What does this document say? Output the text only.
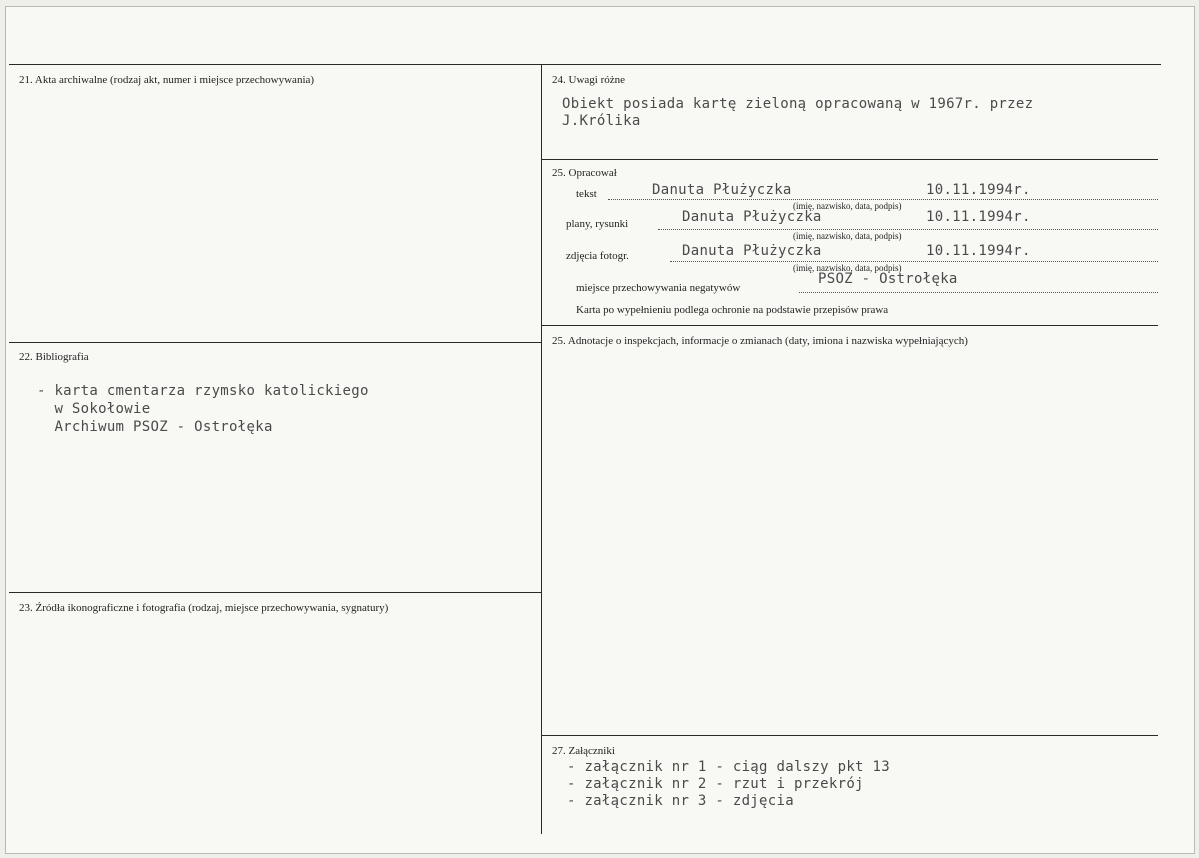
21. Akta archiwalne (rodzaj akt, numer i miejsce przechowywania)
22. Bibliografia
- karta cmentarza rzymsko katolickiego
w Sokołowie
Archiwum PSOZ - Ostrołęka
23. Źródła ikonograficzne i fotografia (rodzaj, miejsce przechowywania, sygnatury)
24. Uwagi różne
Obiekt posiada kartę zieloną opracowaną w 1967r. przez
J.Królika
25. Opracował
tekst	Danuta Płużyczka	10.11.1994r.
(imię, nazwisko, data, podpis)
plany, rysunki	Danuta Płużyczka	10.11.1994r.
(imię, nazwisko, data, podpis)
zdjęcia fotogr.	Danuta Płużyczka	10.11.1994r.
(imię, nazwisko, data, podpis)
miejsce przechowywania negatywów
PSOZ - Ostrołęka
Karta po wypełnieniu podlega ochronie na podstawie przepisów prawa
25. Adnotacje o inspekcjach, informacje o zmianach (daty, imiona i nazwiska wypełniających)
27. Załączniki
- załącznik nr 1 - ciąg dalszy pkt 13
- załącznik nr 2 - rzut i przekrój
- załącznik nr 3 - zdjęcia
